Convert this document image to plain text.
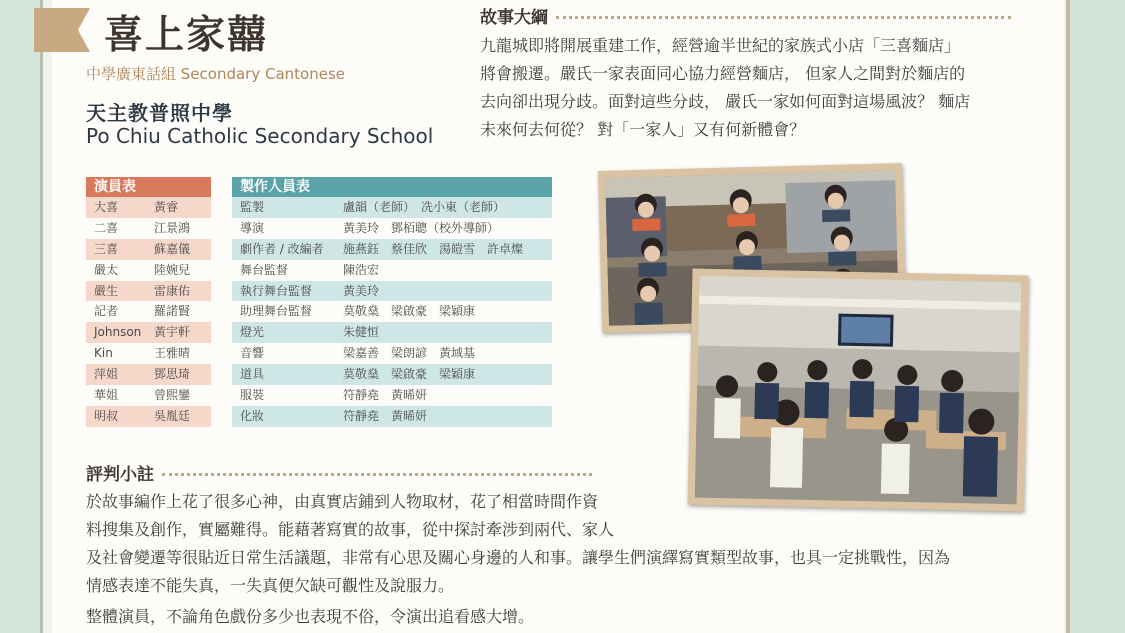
喜上家囍
中學廣東話組 Secondary Cantonese
天主教普照中學
Po Chiu Catholic Secondary School
故事大綱
九龍城即將開展重建工作，經營逾半世紀的家族式小店「三喜麵店」
將會搬遷。嚴氏一家表面同心協力經營麵店， 但家人之間對於麵店的
去向卻出現分歧。面對這些分歧， 嚴氏一家如何面對這場風波？ 麵店
未來何去何從？ 對「一家人」又有何新體會？
演員表
大喜	黃睿
二喜	江景鴻
三喜	蘇嘉儀
嚴太	陸婉兒
嚴生	雷康佑
記者	羅諾賢
Johnson	黃宇軒
Kin	王雅晴
萍姐	鄧思琦
華姐	曾熙鑾
明叔	吳胤廷
製作人員表
監製	盧韻（老師）　冼小東（老師）
導演	黃美玲　鄧栢聰（校外導師）
劇作者 / 改編者	施燕鈺　蔡佳欣　湯皚雪　許卓燦
舞台監督	陳浩宏
執行舞台監督	黃美玲
助理舞台監督	莫敬燊　梁啟豪　梁穎康
燈光	朱健恒
音響	梁嘉善　梁朗諺　黃域基
道具	莫敬燊　梁啟豪　梁穎康
服裝	符靜堯　黃晞妍
化妝	符靜堯　黃晞妍
評判小註

於故事編作上花了很多心神，由真實店鋪到人物取材，花了相當時間作資

料搜集及創作，實屬難得。能藉著寫實的故事，從中探討牽涉到兩代、家人

及社會變遷等很貼近日常生活議題，非常有心思及關心身邊的人和事。讓學生們演繹寫實類型故事，也具一定挑戰性，因為

情感表達不能失真，一失真便欠缺可觀性及說服力。

整體演員，不論角色戲份多少也表現不俗，令演出追看感大增。
